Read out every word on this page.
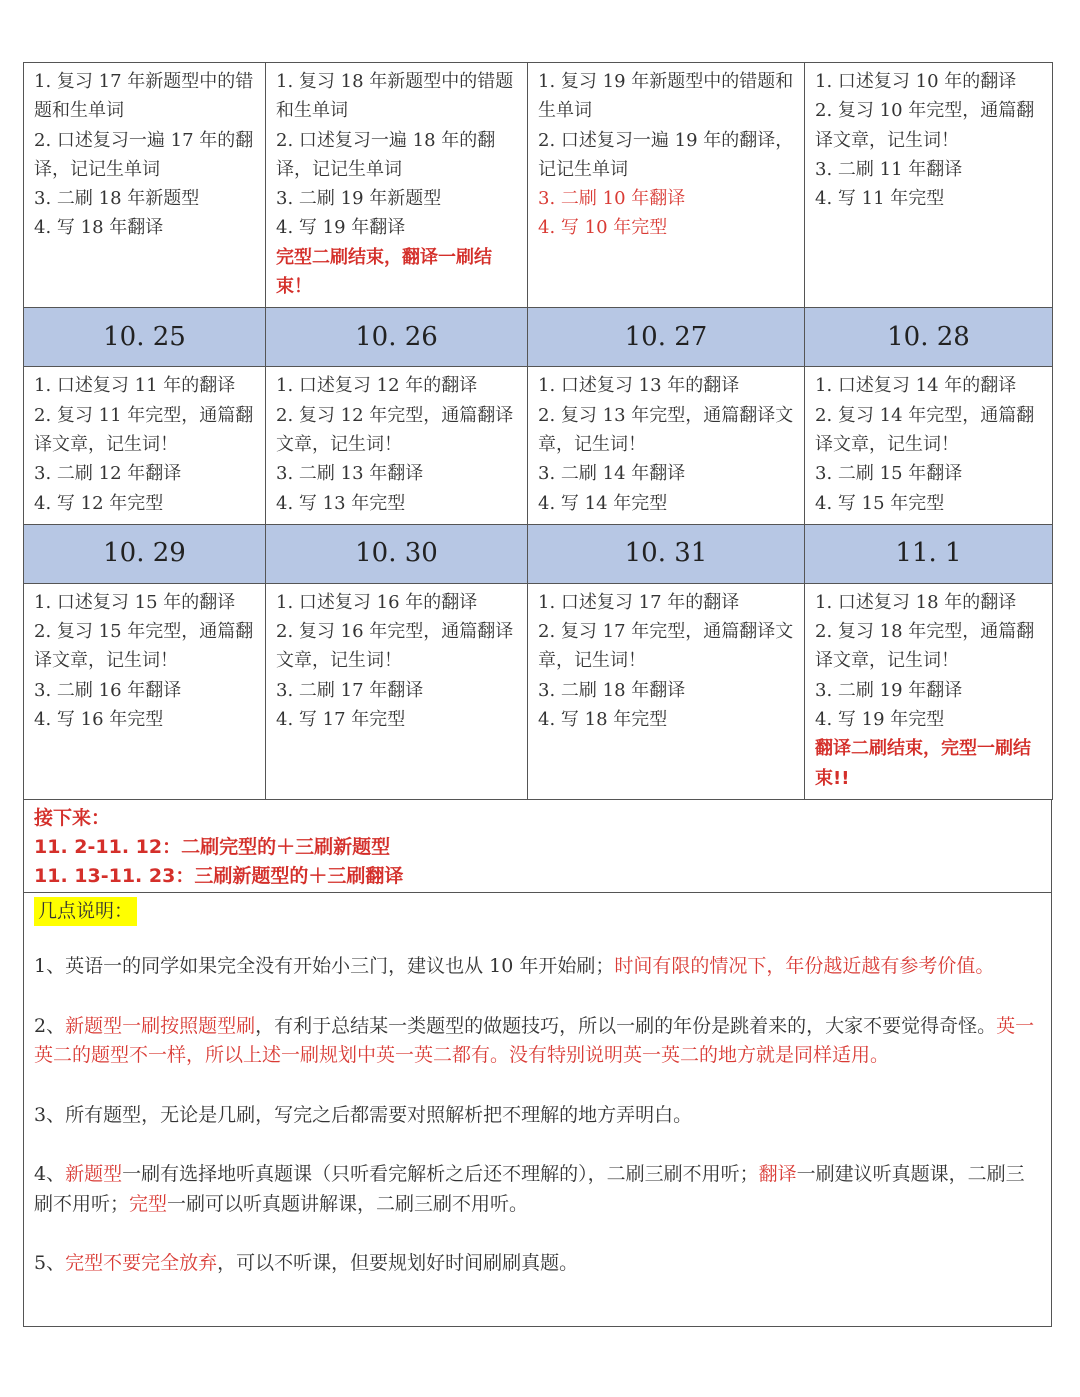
1. 复习 17 年新题型中的错题和生单词
2. 口述复习一遍 17 年的翻译，记记生单词
3. 二刷 18 年新题型
4. 写 18 年翻译	1. 复习 18 年新题型中的错题和生单词
2. 口述复习一遍 18 年的翻译，记记生单词
3. 二刷 19 年新题型
4. 写 19 年翻译
完型二刷结束，翻译一刷结束！	1. 复习 19 年新题型中的错题和生单词
2. 口述复习一遍 19 年的翻译，记记生单词
3. 二刷 10 年翻译
4. 写 10 年完型	1. 口述复习 10 年的翻译
2. 复习 10 年完型，通篇翻译文章，记生词！
3. 二刷 11 年翻译
4. 写 11 年完型

10. 25	10. 26	10. 27	10. 28

1. 口述复习 11 年的翻译
2. 复习 11 年完型，通篇翻译文章，记生词！
3. 二刷 12 年翻译
4. 写 12 年完型	1. 口述复习 12 年的翻译
2. 复习 12 年完型，通篇翻译文章，记生词！
3. 二刷 13 年翻译
4. 写 13 年完型	1. 口述复习 13 年的翻译
2. 复习 13 年完型，通篇翻译文章，记生词！
3. 二刷 14 年翻译
4. 写 14 年完型	1. 口述复习 14 年的翻译
2. 复习 14 年完型，通篇翻译文章，记生词！
3. 二刷 15 年翻译
4. 写 15 年完型

10. 29	10. 30	10. 31	11. 1

1. 口述复习 15 年的翻译
2. 复习 15 年完型，通篇翻译文章，记生词！
3. 二刷 16 年翻译
4. 写 16 年完型	1. 口述复习 16 年的翻译
2. 复习 16 年完型，通篇翻译文章，记生词！
3. 二刷 17 年翻译
4. 写 17 年完型	1. 口述复习 17 年的翻译
2. 复习 17 年完型，通篇翻译文章，记生词！
3. 二刷 18 年翻译
4. 写 18 年完型	1. 口述复习 18 年的翻译
2. 复习 18 年完型，通篇翻译文章，记生词！
3. 二刷 19 年翻译
4. 写 19 年完型
翻译二刷结束，完型一刷结束!!
接下来：
11. 2-11. 12：二刷完型的＋三刷新题型
11. 13-11. 23：三刷新题型的＋三刷翻译
几点说明：
1、英语一的同学如果完全没有开始小三门，建议也从 10 年开始刷；时间有限的情况下，年份越近越有参考价值。
2、新题型一刷按照题型刷，有利于总结某一类题型的做题技巧，所以一刷的年份是跳着来的，大家不要觉得奇怪。英一英二的题型不一样，所以上述一刷规划中英一英二都有。没有特别说明英一英二的地方就是同样适用。
3、所有题型，无论是几刷，写完之后都需要对照解析把不理解的地方弄明白。
4、新题型一刷有选择地听真题课（只听看完解析之后还不理解的），二刷三刷不用听；翻译一刷建议听真题课，二刷三刷不用听；完型一刷可以听真题讲解课，二刷三刷不用听。
5、完型不要完全放弃，可以不听课，但要规划好时间刷刷真题。
